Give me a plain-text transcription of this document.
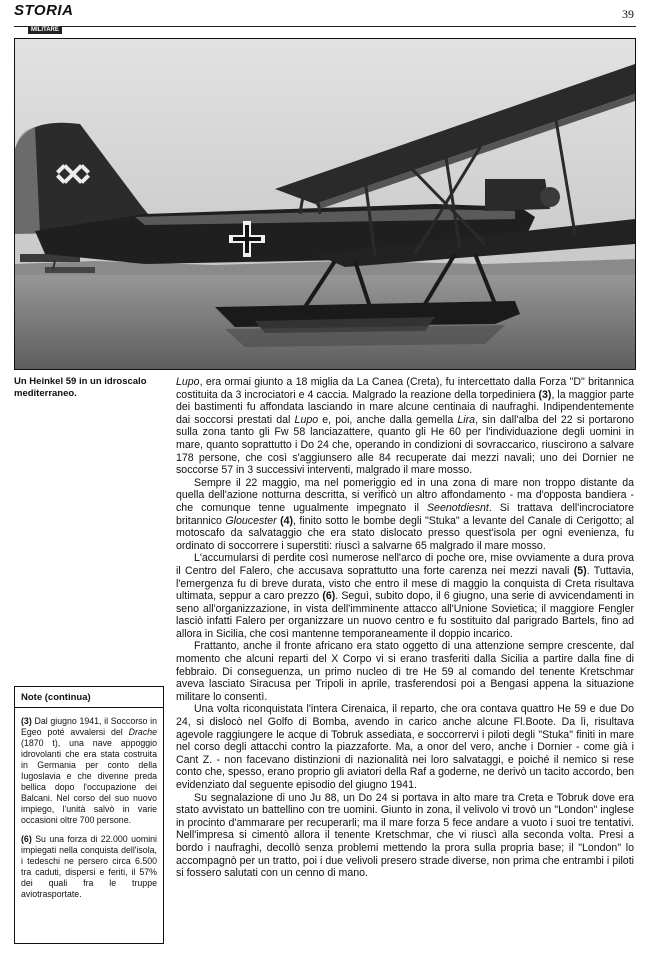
STORIA
MILITARE
39
Un Heinkel 59 in un idroscalo mediterraneo.

Lupo, era ormai giunto a 18 miglia da La Canea (Creta), fu intercettato dalla Forza "D" britannica costituita da 3 incrociatori e 4 caccia. Malgrado la reazione della torpediniera (3), la maggior parte dei bastimenti fu affondata lasciando in mare alcune centinaia di naufraghi. Indipendentemente dai soccorsi prestati dal Lupo e, poi, anche dalla gemella Lira, sin dall'alba del 22 si portarono sulla zona tanto gli Fw 58 lanciazattere, quanto gli He 60 per l'individuazione degli uomini in mare, quanto soprattutto i Do 24 che, operando in condizioni di sovraccarico, riuscirono a salvare 178 persone, che così s'aggiunsero alle 84 recuperate dai mezzi navali; uno dei Dornier ne soccorse 57 in 3 successivi interventi, malgrado il mare mosso.

Sempre il 22 maggio, ma nel pomeriggio ed in una zona di mare non troppo distante da quella dell'azione notturna descritta, si verificò un altro affondamento - ma d'opposta bandiera - che comunque tenne ugualmente impegnato il Seenotdiesnt. Si trattava dell'incrociatore britannico Gloucester (4), finito sotto le bombe degli "Stuka" a levante del Canale di Cerigotto; al motoscafo da salvataggio che era stato dislocato presso quest'isola per ogni evenienza, fu ordinato di soccorrere i superstiti: riuscì a salvarne 65 malgrado il mare mosso.

L'accumularsi di perdite così numerose nell'arco di poche ore, mise ovviamente a dura prova il Centro del Falero, che accusava soprattutto una forte carenza nei mezzi navali (5). Tuttavia, l'emergenza fu di breve durata, visto che entro il mese di maggio la conquista di Creta risultava ultimata, seppur a caro prezzo (6). Seguì, subito dopo, il 6 giugno, una serie di avvicendamenti in seno all'organizzazione, in vista dell'imminente attacco all'Unione Sovietica; il maggiore Fengler lasciò infatti Falero per organizzare un nuovo centro e fu sostituito dal parigrado Bartels, fino ad allora in Sicilia, che così mantenne temporaneamente il doppio incarico.

Frattanto, anche il fronte africano era stato oggetto di una attenzione sempre crescente, dal momento che alcuni reparti del X Corpo vi si erano trasferiti dalla Sicilia a partire dalla fine di febbraio. Di conseguenza, un primo nucleo di tre He 59 al comando del tenente Kretschmar aveva lasciato Siracusa per Tripoli in aprile, trasferendosi poi a Bengasi appena la situazione militare lo consentì.

Una volta riconquistata l'intera Cirenaica, il reparto, che ora contava quattro He 59 e due Do 24, si dislocò nel Golfo di Bomba, avendo in carico anche alcune Fl.Boote. Da lì, risultava agevole raggiungere le acque di Tobruk assediata, e soccorrervi i piloti degli "Stuka" finiti in mare nel corso degli attacchi contro la piazzaforte. Ma, a onor del vero, anche i Dornier - come già i Cant Z. - non facevano distinzioni di nazionalità nei loro salvataggi, e poiché il nemico si rese conto che, spesso, erano proprio gli aviatori della Raf a goderne, ne derivò un tacito accordo, ben evidenziato dal seguente episodio del giugno 1941.

Su segnalazione di uno Ju 88, un Do 24 si portava in alto mare tra Creta e Tobruk dove era stato avvistato un battellino con tre uomini. Giunto in zona, il velivolo vi trovò un "London" inglese in procinto d'ammarare per recuperarli; ma il mare forza 5 fece andare a vuoto i suoi tre tentativi. Nell'impresa si cimentò allora il tenente Kretschmar, che vi riuscì alla seconda volta. Presi a bordo i naufraghi, decollò senza problemi mettendo la prora sulla propria base; il "London" lo accompagnò per un tratto, poi i due velivoli presero strade diverse, non prima che entrambi i piloti si fossero salutati con un cenno di mano.

Note (continua)
(3) Dal giugno 1941, il Soccorso in Egeo poté avvalersi del Drache (1870 t), una nave appoggio idrovolanti che era stata costruita in Germania per conto della Iugoslavia e che divenne preda bellica dopo l'occupazione dei Balcani. Nel corso del suo nuovo impiego, l'unità salvò in varie occasioni oltre 700 persone.
(6) Su una forza di 22.000 uomini impiegati nella conquista dell'isola, i tedeschi ne persero circa 6.500 tra caduti, dispersi e feriti, il 57% dei quali fra le truppe aviotrasportate.
